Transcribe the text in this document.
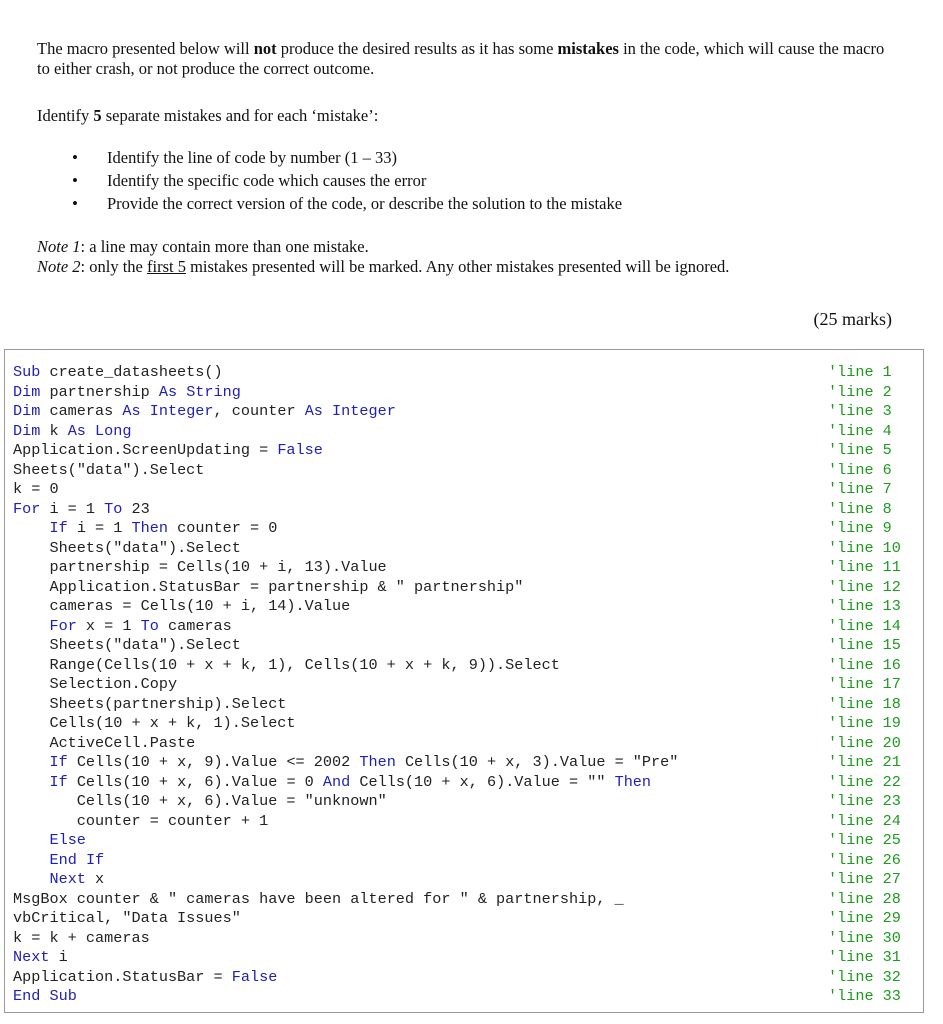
The macro presented below will not produce the desired results as it has some mistakes in the code, which will cause the macro to either crash, or not produce the correct outcome.
Identify 5 separate mistakes and for each ‘mistake’:
• Identify the line of code by number (1 – 33)
• Identify the specific code which causes the error
• Provide the correct version of the code, or describe the solution to the mistake
Note 1: a line may contain more than one mistake.
Note 2: only the first 5 mistakes presented will be marked. Any other mistakes presented will be ignored.
(25 marks)
Sub create_datasheets()	'line 1
Dim partnership As String	'line 2
Dim cameras As Integer, counter As Integer	'line 3
Dim k As Long	'line 4
Application.ScreenUpdating = False	'line 5
Sheets("data").Select	'line 6
k = 0	'line 7
For i = 1 To 23	'line 8
If i = 1 Then counter = 0	'line 9
Sheets("data").Select	'line 10
partnership = Cells(10 + i, 13).Value	'line 11
Application.StatusBar = partnership & " partnership"	'line 12
cameras = Cells(10 + i, 14).Value	'line 13
For x = 1 To cameras	'line 14
Sheets("data").Select	'line 15
Range(Cells(10 + x + k, 1), Cells(10 + x + k, 9)).Select	'line 16
Selection.Copy	'line 17
Sheets(partnership).Select	'line 18
Cells(10 + x + k, 1).Select	'line 19
ActiveCell.Paste	'line 20
If Cells(10 + x, 9).Value <= 2002 Then Cells(10 + x, 3).Value = "Pre"	'line 21
If Cells(10 + x, 6).Value = 0 And Cells(10 + x, 6).Value = "" Then	'line 22
Cells(10 + x, 6).Value = "unknown"	'line 23
counter = counter + 1	'line 24
Else	'line 25
End If	'line 26
Next x	'line 27
MsgBox counter & " cameras have been altered for " & partnership, _	'line 28
vbCritical, "Data Issues"	'line 29
k = k + cameras	'line 30
Next i	'line 31
Application.StatusBar = False	'line 32
End Sub	'line 33
